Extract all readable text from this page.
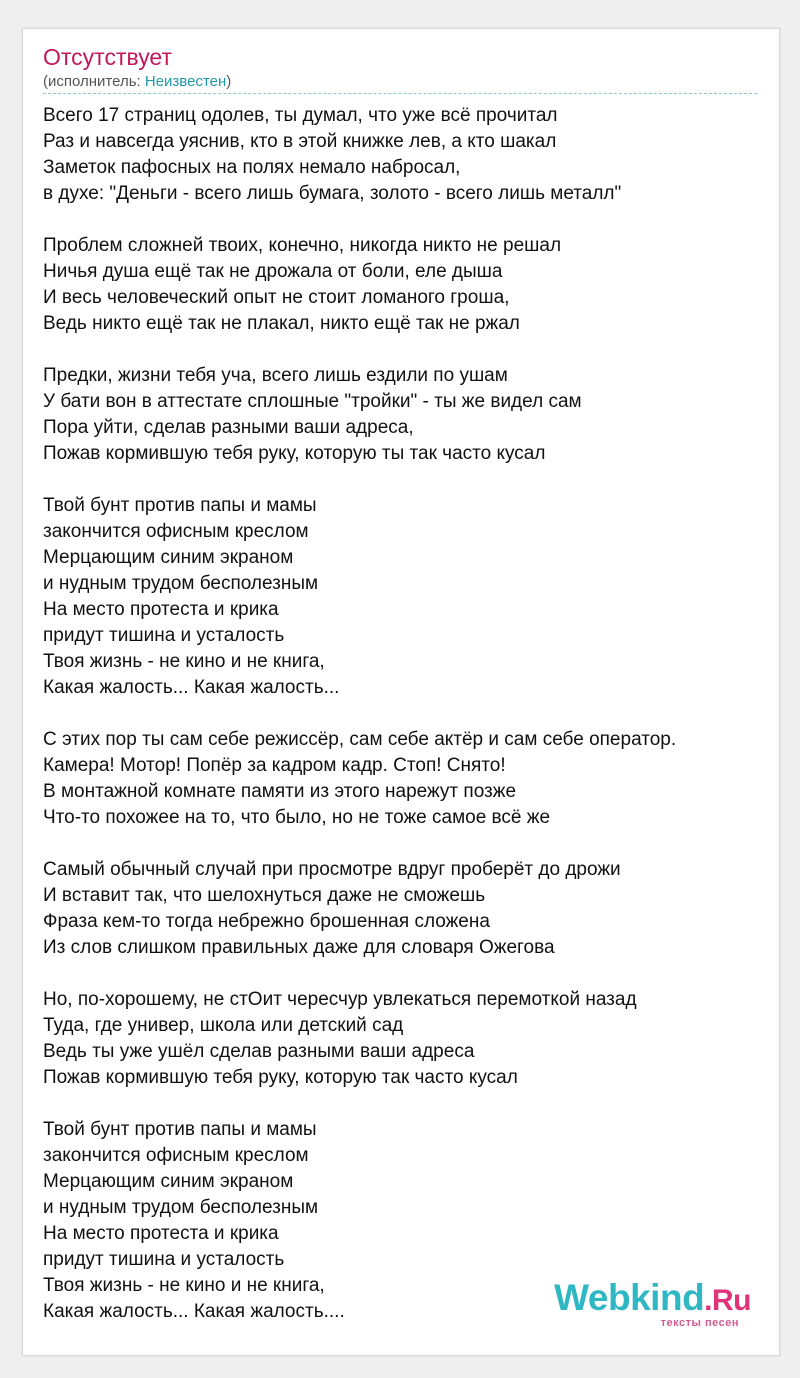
Отсутствует
(исполнитель: Неизвестен)
Всего 17 страниц одолев, ты думал, что уже всё прочитал
Раз и навсегда уяснив, кто в этой книжке лев, а кто шакал
Заметок пафосных на полях немало набросал,
в духе: "Деньги - всего лишь бумага, золото - всего лишь металл"
Проблем сложней твоих, конечно, никогда никто не решал
Ничья душа ещё так не дрожала от боли, еле дыша
И весь человеческий опыт не стоит ломаного гроша,
Ведь никто ещё так не плакал, никто ещё так не ржал
Предки, жизни тебя уча, всего лишь ездили по ушам
У бати вон в аттестате сплошные "тройки" - ты же видел сам
Пора уйти, сделав разными ваши адреса,
Пожав кормившую тебя руку, которую ты так часто кусал
Твой бунт против папы и мамы
закончится офисным креслом
Мерцающим синим экраном
и нудным трудом бесполезным
На место протеста и крика
придут тишина и усталость
Твоя жизнь - не кино и не книга,
Какая жалость... Какая жалость...
С этих пор ты сам себе режиссёр, сам себе актёр и сам себе оператор.
Камера! Мотор! Попёр за кадром кадр. Стоп! Снято!
В монтажной комнате памяти из этого нарежут позже
Что-то похожее на то, что было, но не тоже самое всё же
Самый обычный случай при просмотре вдруг проберёт до дрожи
И вставит так, что шелохнуться даже не сможешь
Фраза кем-то тогда небрежно брошенная сложена
Из слов слишком правильных даже для словаря Ожегова
Но, по-хорошему, не стОит чересчур увлекаться перемоткой назад
Туда, где универ, школа или детский сад
Ведь ты уже ушёл сделав разными ваши адреса
Пожав кормившую тебя руку, которую так часто кусал
Твой бунт против папы и мамы
закончится офисным креслом
Мерцающим синим экраном
и нудным трудом бесполезным
На место протеста и крика
придут тишина и усталость
Твоя жизнь - не кино и не книга,
Какая жалость... Какая жалость....	Webkind.Ru
тексты песен
